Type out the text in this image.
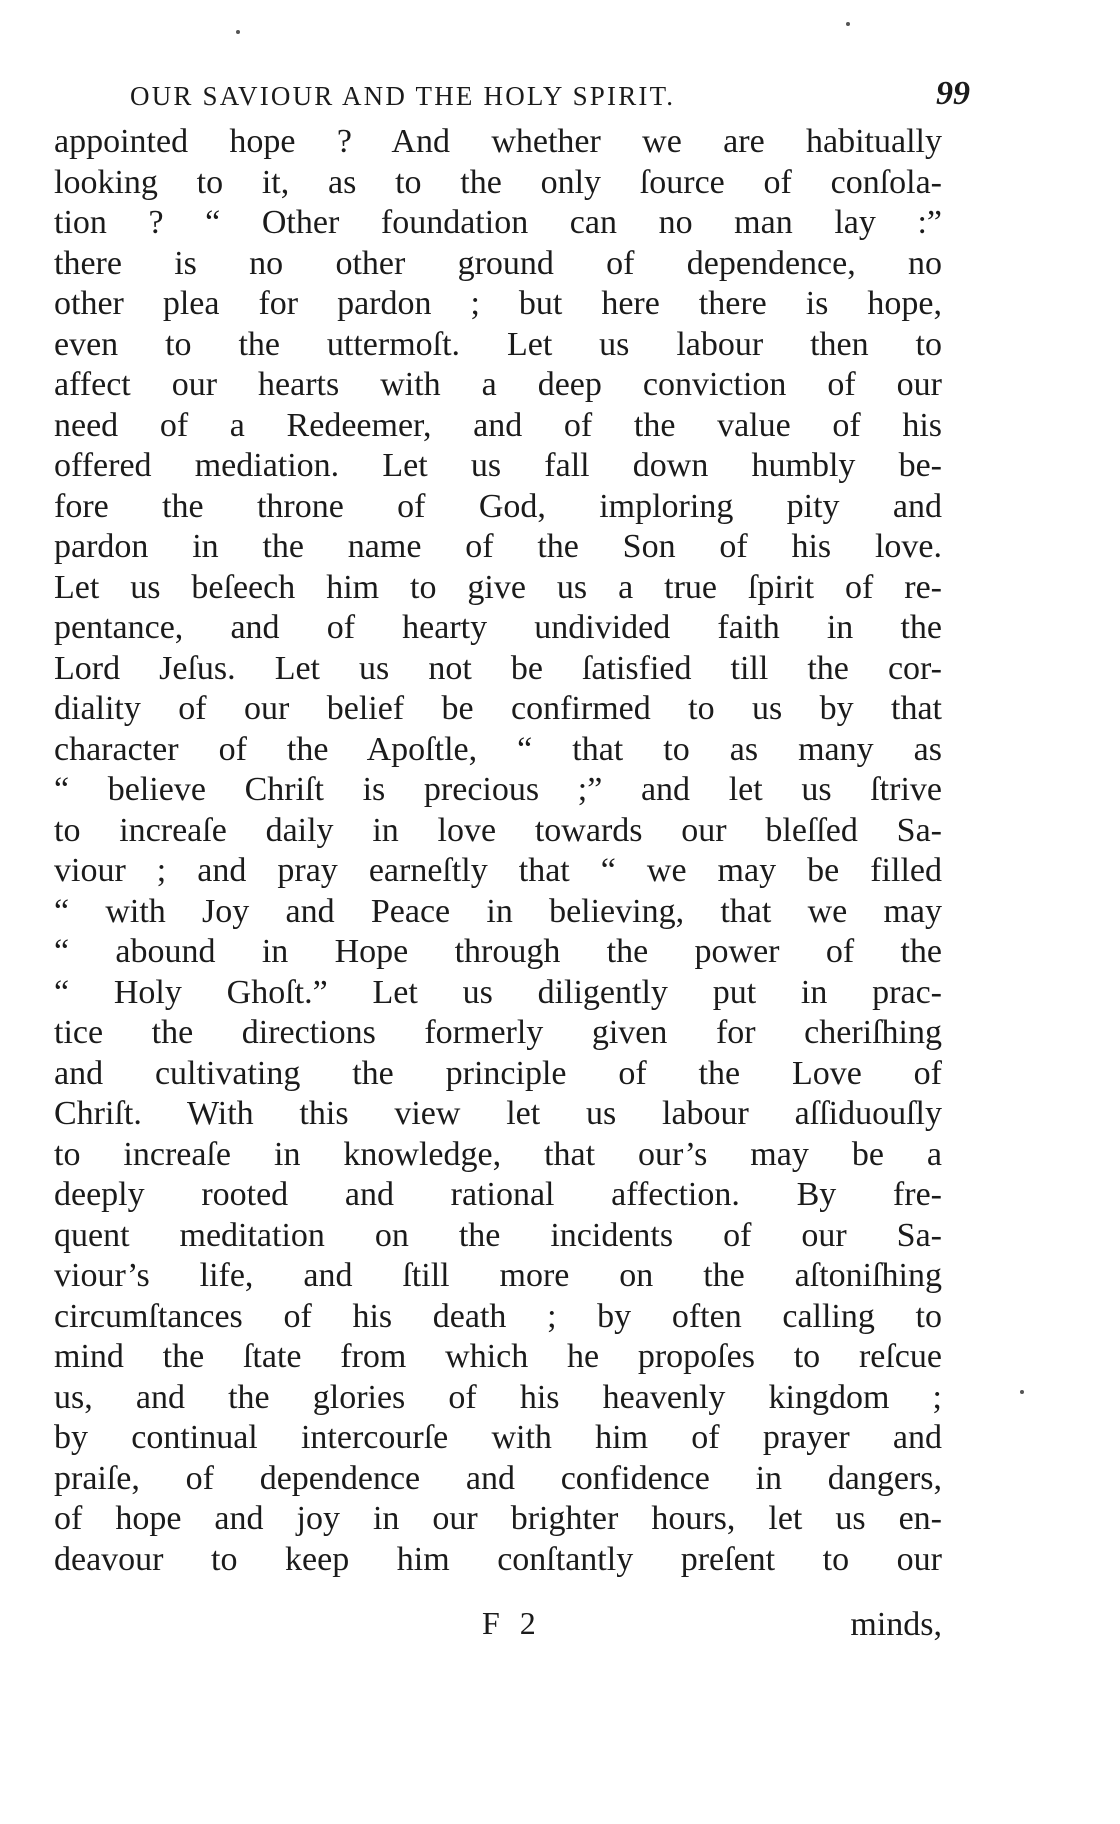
OUR SAVIOUR AND THE HOLY SPIRIT.	99
appointed hope ? And whether we are habitually
looking to it, as to the only ſource of conſola-
tion ? “ Other foundation can no man lay :”
there is no other ground of dependence, no
other plea for pardon ; but here there is hope,
even to the uttermoſt. Let us labour then to
affect our hearts with a deep conviction of our
need of a Redeemer, and of the value of his
offered mediation. Let us fall down humbly be-
fore the throne of God, imploring pity and
pardon in the name of the Son of his love.
Let us beſeech him to give us a true ſpirit of re-
pentance, and of hearty undivided faith in the
Lord Jeſus. Let us not be ſatisfied till the cor-
diality of our belief be confirmed to us by that
character of the Apoſtle, “ that to as many as
“ believe Chriſt is precious ;” and let us ſtrive
to increaſe daily in love towards our bleſſed Sa-
viour ; and pray earneſtly that “ we may be filled
“ with Joy and Peace in believing, that we may
“ abound in Hope through the power of the
“ Holy Ghoſt.” Let us diligently put in prac-
tice the directions formerly given for cheriſhing
and cultivating the principle of the Love of
Chriſt. With this view let us labour aſſiduouſly
to increaſe in knowledge, that our’s may be a
deeply rooted and rational affection. By fre-
quent meditation on the incidents of our Sa-
viour’s life, and ſtill more on the aſtoniſhing
circumſtances of his death ; by often calling to
mind the ſtate from which he propoſes to reſcue
us, and the glories of his heavenly kingdom ;
by continual intercourſe with him of prayer and
praiſe, of dependence and confidence in dangers,
of hope and joy in our brighter hours, let us en-
deavour to keep him conſtantly preſent to our
F 2	minds,
